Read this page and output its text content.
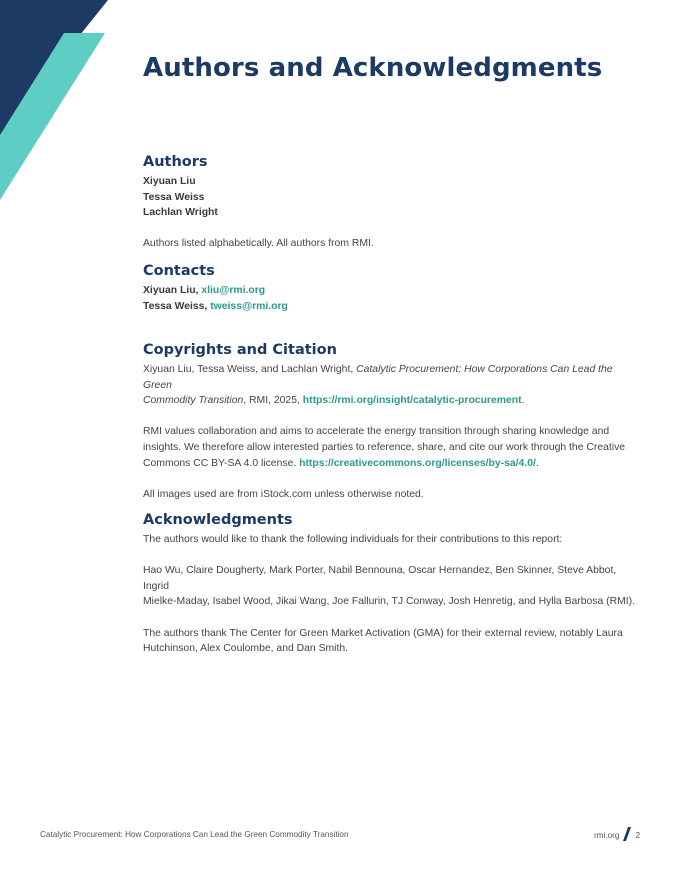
Authors and Acknowledgments
Authors
Xiyuan Liu
Tessa Weiss
Lachlan Wright

Authors listed alphabetically. All authors from RMI.

Contacts
Xiyuan Liu, xliu@rmi.org
Tessa Weiss, tweiss@rmi.org
Copyrights and Citation

Xiyuan Liu, Tessa Weiss, and Lachlan Wright, Catalytic Procurement: How Corporations Can Lead the Green
Commodity Transition, RMI, 2025, https://rmi.org/insight/catalytic-procurement.

RMI values collaboration and aims to accelerate the energy transition through sharing knowledge and
insights. We therefore allow interested parties to reference, share, and cite our work through the Creative
Commons CC BY-SA 4.0 license. https://creativecommons.org/licenses/by-sa/4.0/.

All images used are from iStock.com unless otherwise noted.

Acknowledgments

The authors would like to thank the following individuals for their contributions to this report:

Hao Wu, Claire Dougherty, Mark Porter, Nabil Bennouna, Oscar Hernandez, Ben Skinner, Steve Abbot, Ingrid
Mielke-Maday, Isabel Wood, Jikai Wang, Joe Fallurin, TJ Conway, Josh Henretig, and Hylla Barbosa (RMI).

The authors thank The Center for Green Market Activation (GMA) for their external review, notably Laura
Hutchinson, Alex Coulombe, and Dan Smith.

Catalytic Procurement: How Corporations Can Lead the Green Commodity Transition	rmi.org 2
